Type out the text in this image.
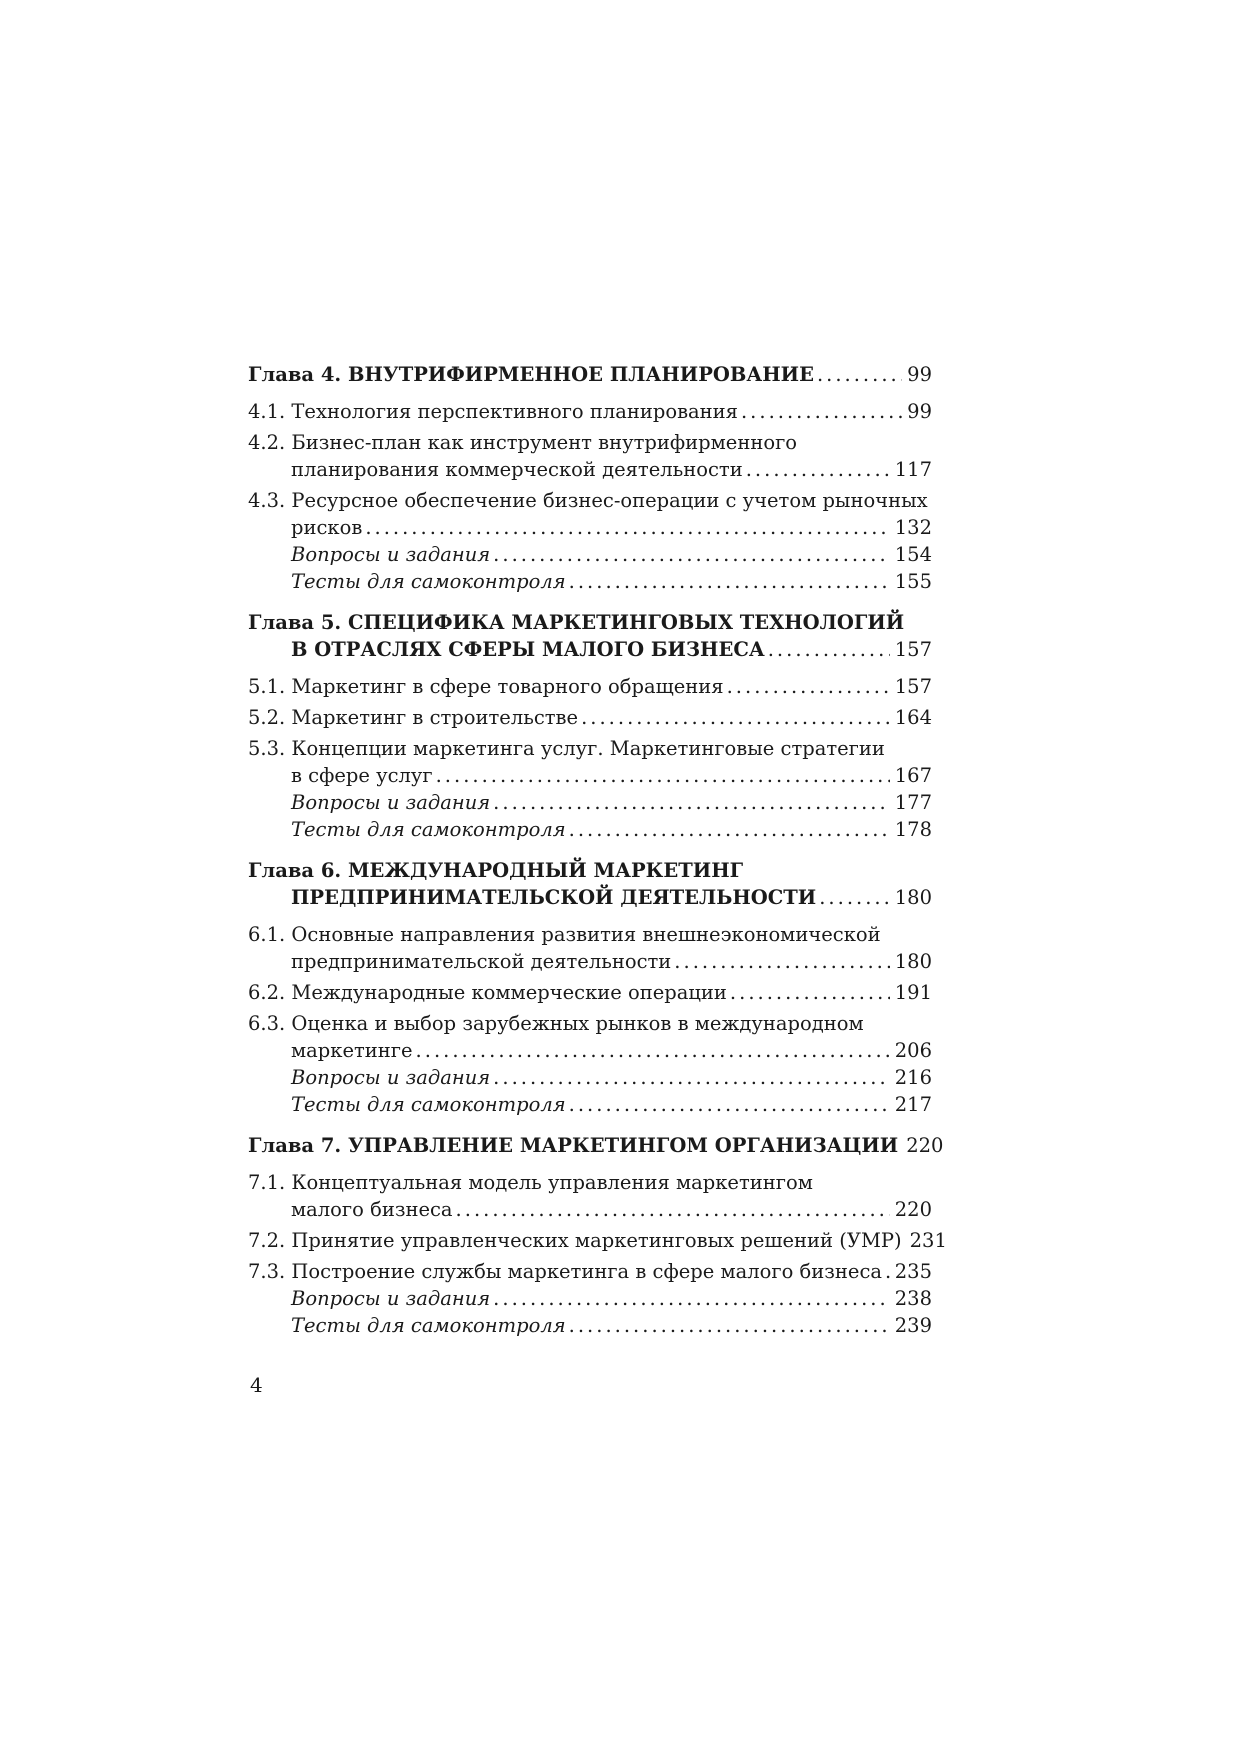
Глава 4. ВНУТРИФИРМЕННОЕ ПЛАНИРОВАНИЕ .....	99
4.1. Технология перспективного планирования .....	99
4.2. Бизнес-план как инструмент внутрифирменного
планирования коммерческой деятельности .....	117
4.3. Ресурсное обеспечение бизнес-операции с учетом рыночных
рисков .....	132
Вопросы и задания .....	154
Тесты для самоконтроля .....	155
Глава 5. СПЕЦИФИКА МАРКЕТИНГОВЫХ ТЕХНОЛОГИЙ
В ОТРАСЛЯХ СФЕРЫ МАЛОГО БИЗНЕСА .....	157
5.1. Маркетинг в сфере товарного обращения .....	157
5.2. Маркетинг в строительстве .....	164
5.3. Концепции маркетинга услуг. Маркетинговые стратегии
в сфере услуг .....	167
Вопросы и задания .....	177
Тесты для самоконтроля .....	178
Глава 6. МЕЖДУНАРОДНЫЙ МАРКЕТИНГ
ПРЕДПРИНИМАТЕЛЬСКОЙ ДЕЯТЕЛЬНОСТИ .....	180
6.1. Основные направления развития внешнеэкономической
предпринимательской деятельности .....	180
6.2. Международные коммерческие операции .....	191
6.3. Оценка и выбор зарубежных рынков в международном
маркетинге .....	206
Вопросы и задания .....	216
Тесты для самоконтроля .....	217
Глава 7. УПРАВЛЕНИЕ МАРКЕТИНГОМ ОРГАНИЗАЦИИ 220
7.1. Концептуальная модель управления маркетингом
малого бизнеса .....	220
7.2. Принятие управленческих маркетинговых решений (УМР) 231
7.3. Построение службы маркетинга в сфере малого бизнеса ..... 235
Вопросы и задания .....	238
Тесты для самоконтроля .....	239
4
